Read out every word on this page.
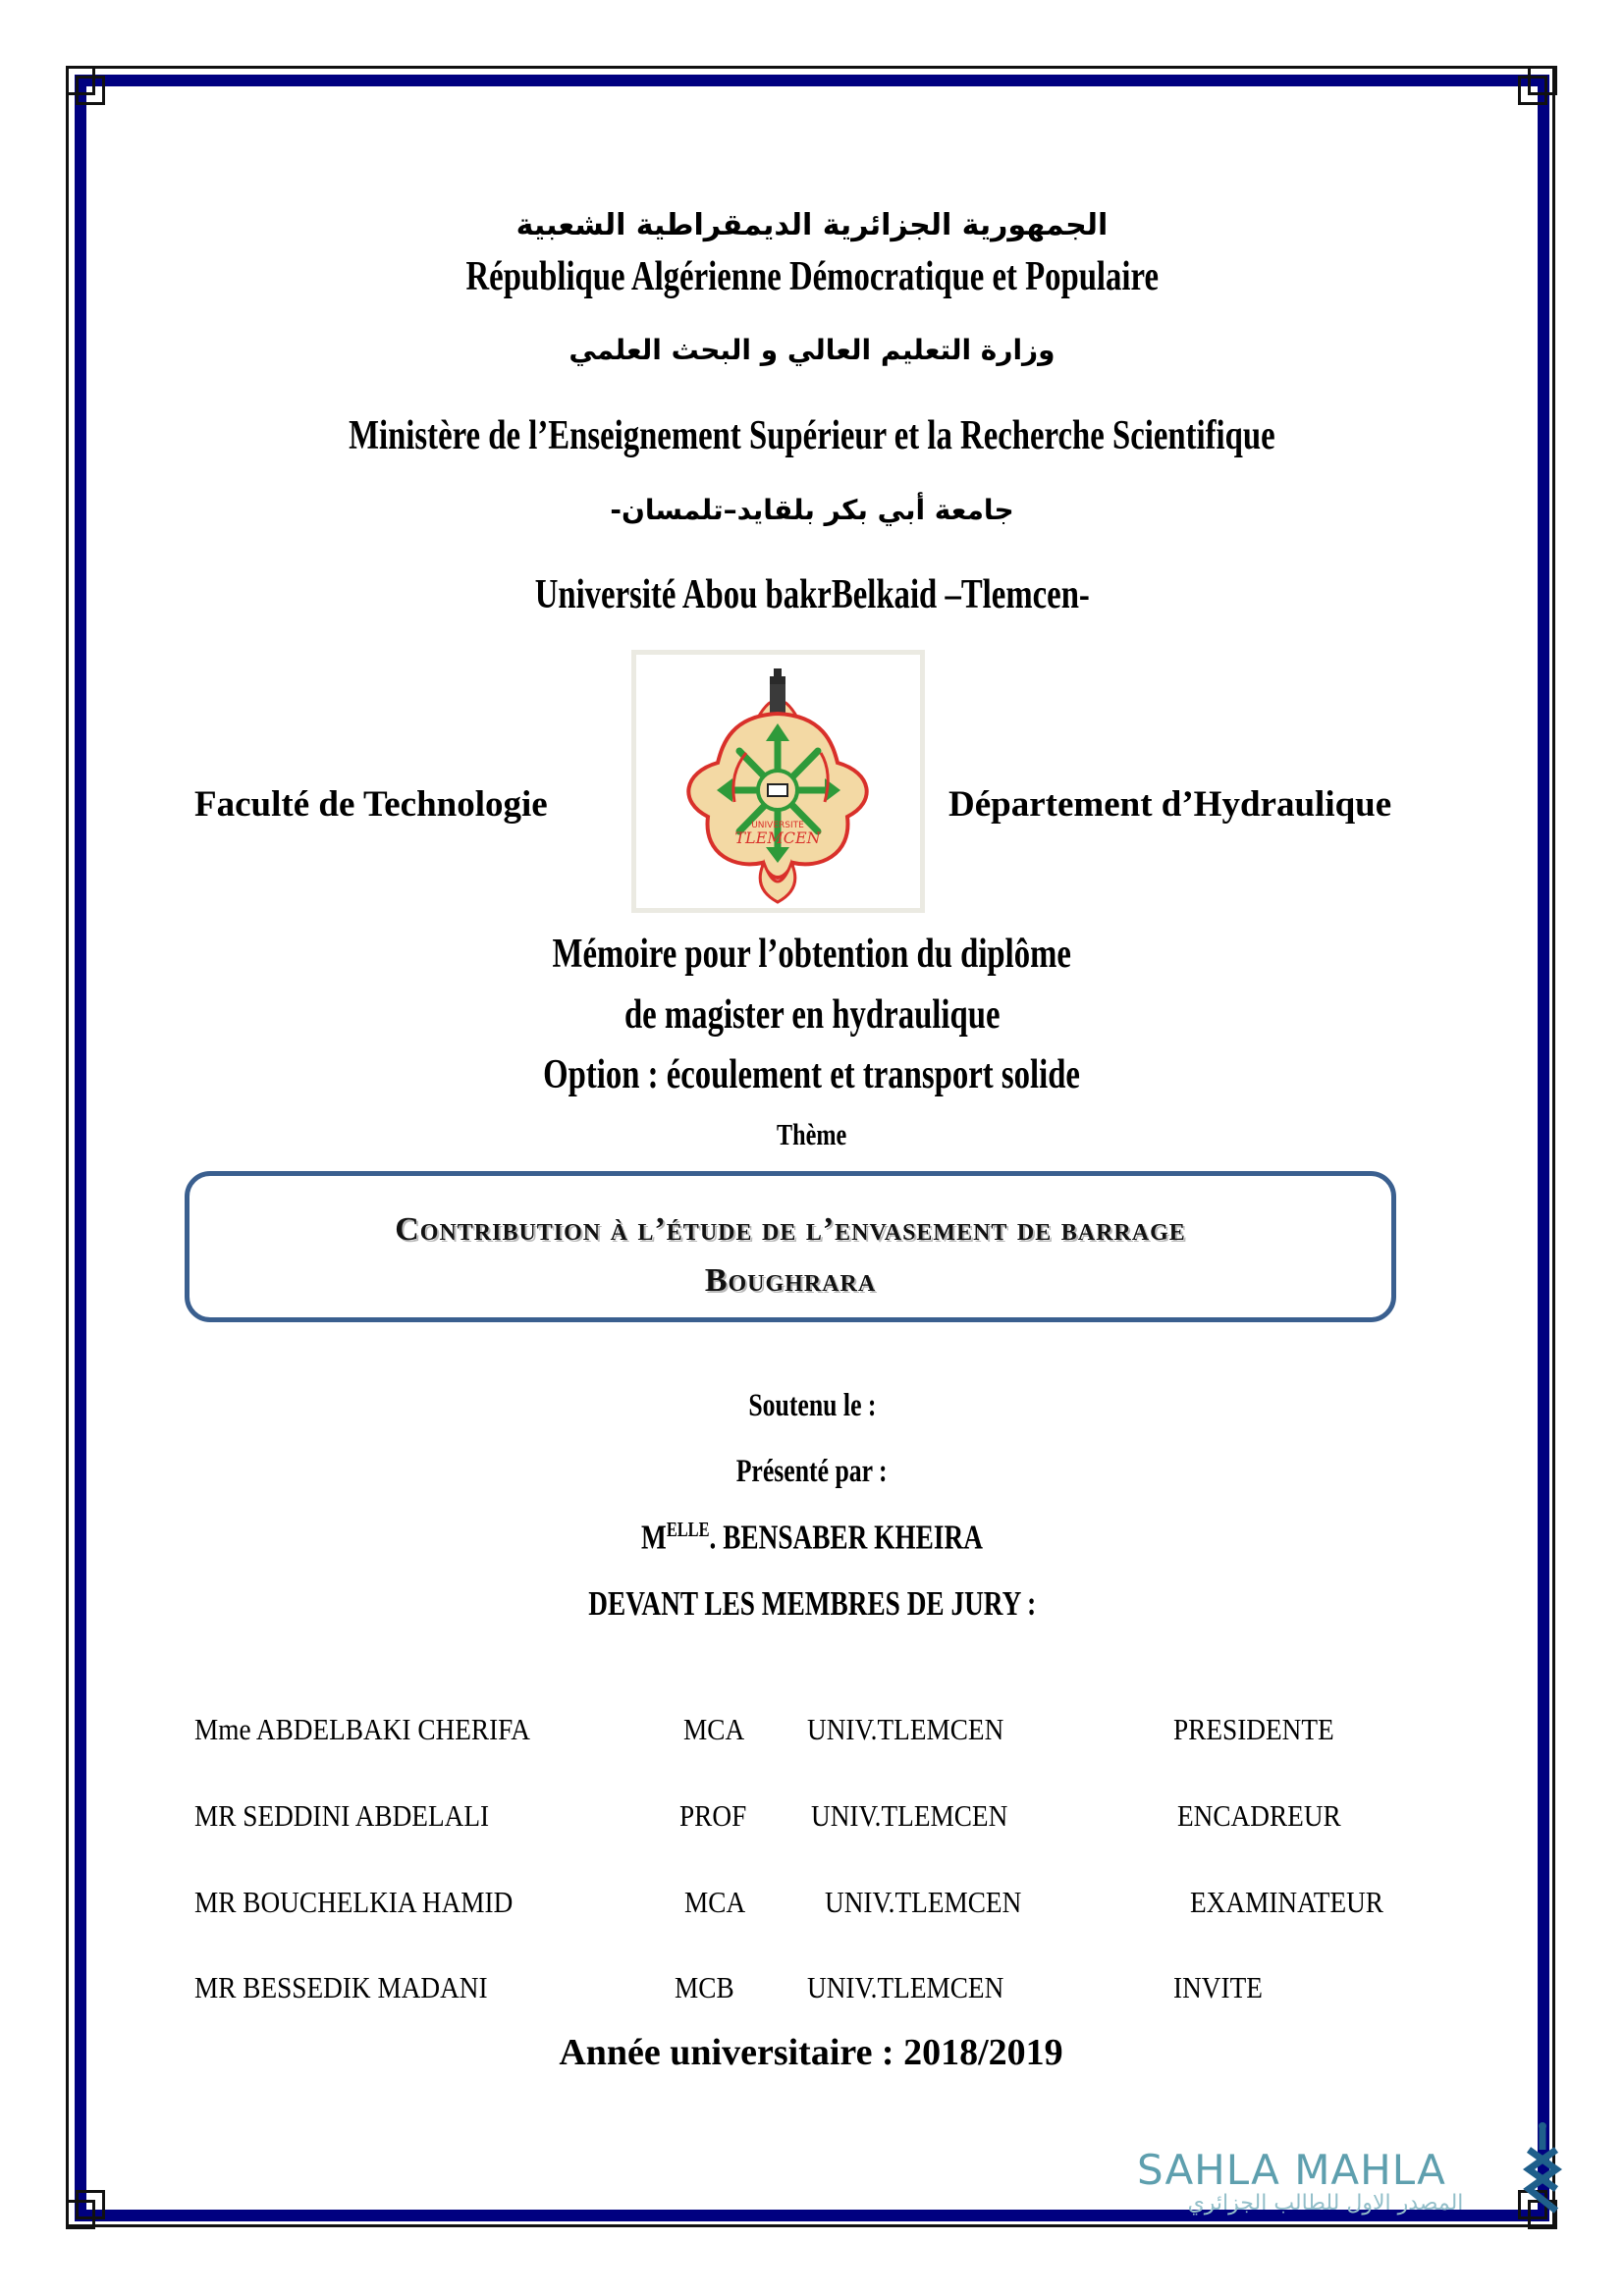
الجمهورية الجزائرية الديمقراطية الشعبية
République Algérienne Démocratique et Populaire
وزارة التعليم العالي و البحث العلمي
Ministère de l’Enseignement Supérieur et la Recherche Scientifique
جامعة أبي بكر بلقايد–تلمسان-
Université Abou bakrBelkaid –Tlemcen-
Faculté de Technologie	Département d’Hydraulique
UNIVERSITE
TLEMCEN
Mémoire pour l’obtention du diplôme
de magister en hydraulique
Option : écoulement et transport solide
Thème
Contribution à l’étude de l’envasement de barrage
Boughrara
Soutenu le :
Présenté par :
$M^{ELLE}$. BENSABER KHEIRA
DEVANT LES MEMBRES DE JURY :
Mme ABDELBAKI CHERIFA	MCA UNIV.TLEMCEN	PRESIDENTE
MR SEDDINI ABDELALI	PROF	UNIV.TLEMCEN	ENCADREUR
MR BOUCHELKIA HAMID	MCA	UNIV.TLEMCEN	EXAMINATEUR
MR BESSEDIK MADANI	MCB UNIV.TLEMCEN	INVITE
Année universitaire : 2018/2019
SAHLA MAHLA
المصدر الاول للطالب الجزائري
